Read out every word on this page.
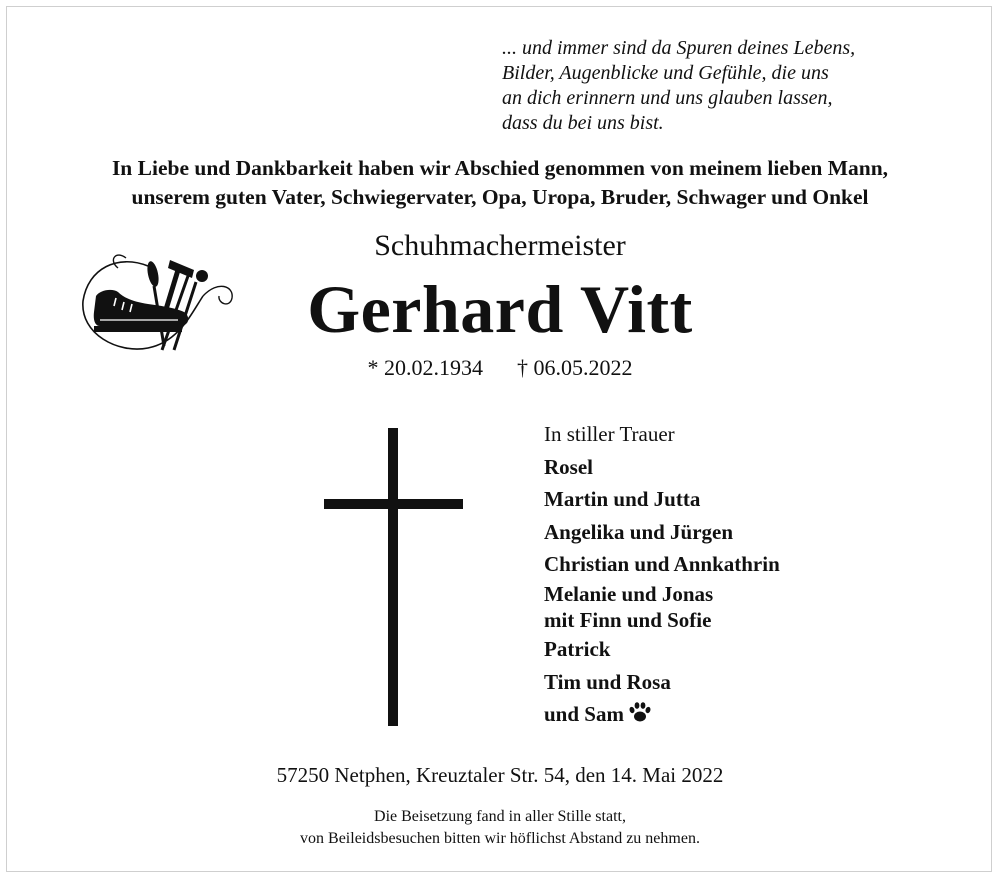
... und immer sind da Spuren deines Lebens,
Bilder, Augenblicke und Gefühle, die uns
an dich erinnern und uns glauben lassen,
dass du bei uns bist.
In Liebe und Dankbarkeit haben wir Abschied genommen von meinem lieben Mann,
unserem guten Vater, Schwiegervater, Opa, Uropa, Bruder, Schwager und Onkel
Schuhmachermeister
Gerhard Vitt
* 20.02.1934 † 06.05.2022
In stiller Trauer
Rosel
Martin und Jutta
Angelika und Jürgen
Christian und Annkathrin
Melanie und Jonas
mit Finn und Sofie
Patrick
Tim und Rosa
und Sam
57250 Netphen, Kreuztaler Str. 54, den 14. Mai 2022
Die Beisetzung fand in aller Stille statt,
von Beileidsbesuchen bitten wir höflichst Abstand zu nehmen.
